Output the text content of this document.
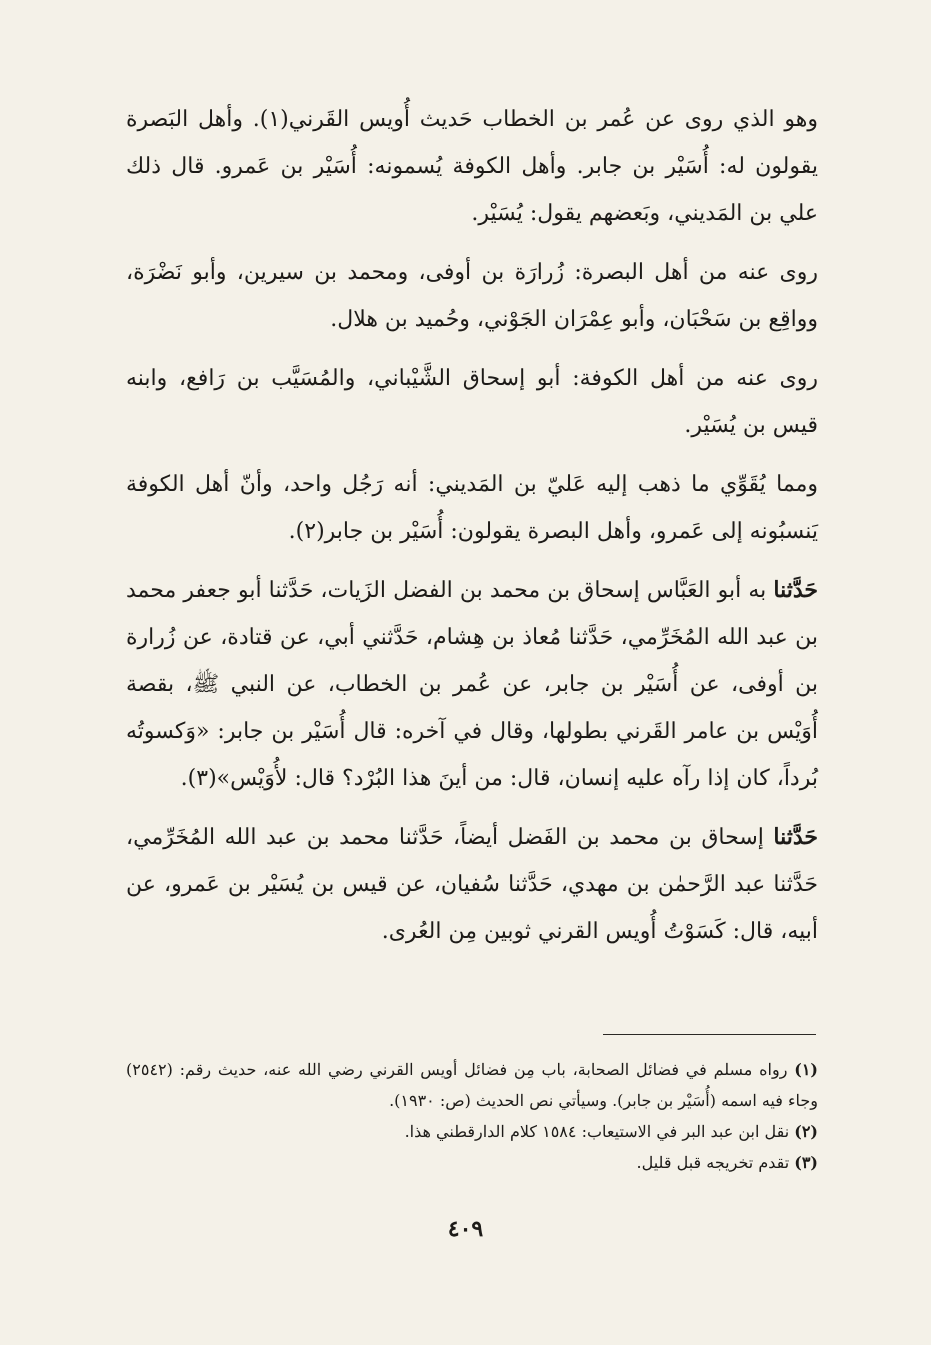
وهو الذي روى عن عُمر بن الخطاب حَديث أُويس القَرني(١). وأهل البَصرة يقولون له: أُسَيْر بن جابر. وأهل الكوفة يُسمونه: أُسَيْر بن عَمرو. قال ذلك علي بن المَديني، وبَعضهم يقول: يُسَيْر.

روى عنه من أهل البصرة: زُرارَة بن أوفى، ومحمد بن سيرين، وأبو نَضْرَة، وواقِع بن سَحْبَان، وأبو عِمْرَان الجَوْني، وحُميد بن هلال.

روى عنه من أهل الكوفة: أبو إسحاق الشَّيْباني، والمُسَيَّب بن رَافع، وابنه قيس بن يُسَيْر.

ومما يُقَوِّي ما ذهب إليه عَليّ بن المَديني: أنه رَجُل واحد، وأنّ أهل الكوفة يَنسبُونه إلى عَمرو، وأهل البصرة يقولون: أُسَيْر بن جابر(٢).

حَدَّثنا به أبو العَبَّاس إسحاق بن محمد بن الفضل الزَيات، حَدَّثنا أبو جعفر محمد بن عبد الله المُخَرِّمي، حَدَّثنا مُعاذ بن هِشام، حَدَّثني أبي، عن قتادة، عن زُرارة بن أوفى، عن أُسَيْر بن جابر، عن عُمر بن الخطاب، عن النبي ﷺ، بقصة أُوَيْس بن عامر القَرني بطولها، وقال في آخره: قال أُسَيْر بن جابر: «وَكسوتُه بُرداً، كان إذا رآه عليه إنسان، قال: من أينَ هذا البُرْد؟ قال: لأُوَيْس»(٣).

حَدَّثنا إسحاق بن محمد بن الفَضل أيضاً، حَدَّثنا محمد بن عبد الله المُخَرِّمي، حَدَّثنا عبد الرَّحمٰن بن مهدي، حَدَّثنا سُفيان، عن قيس بن يُسَيْر بن عَمرو، عن أبيه، قال: كَسَوْتُ أُويس القرني ثوبين مِن العُرى.

(١) رواه مسلم في فضائل الصحابة، باب مِن فضائل أويس القرني رضي الله عنه، حديث رقم: (٢٥٤٢) وجاء فيه اسمه (أُسَيْر بن جابر). وسيأتي نص الحديث (ص: ١٩٣٠).

(٢) نقل ابن عبد البر في الاستيعاب: ١٥٨٤ كلام الدارقطني هذا.

(٣) تقدم تخريجه قبل قليل.

٤٠٩
